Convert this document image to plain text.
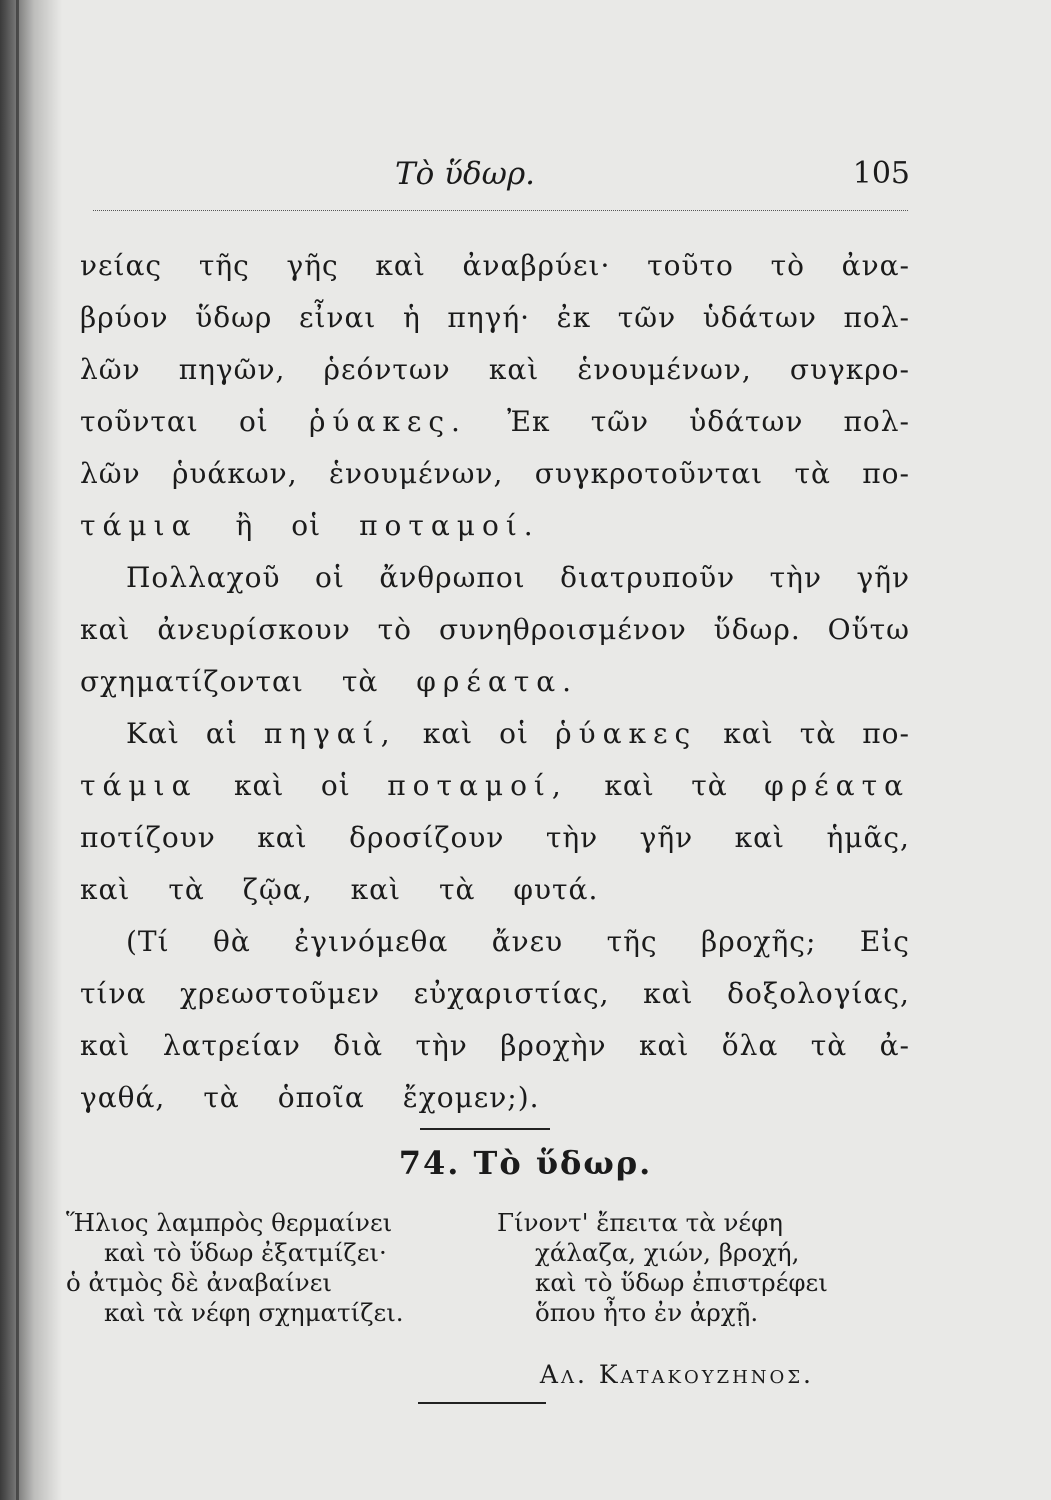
Τὸ ὕδωρ.	105
νείας τῆς γῆς καὶ ἀναβρύει· τοῦτο τὸ ἀνα-
βρύον ὕδωρ εἶναι ἡ πηγή· ἐκ τῶν ὑδάτων πολ-
λῶν πηγῶν, ῥεόντων καὶ ἑνουμένων, συγκρο-
τοῦνται οἱ ῥύακες. Ἐκ τῶν ὑδάτων πολ-
λῶν ῥυάκων, ἑνουμένων, συγκροτοῦνται τὰ πο-
τάμια ἢ οἱ ποταμοί.
Πολλαχοῦ οἱ ἄνθρωποι διατρυποῦν τὴν γῆν
καὶ ἀνευρίσκουν τὸ συνηθροισμένον ὕδωρ. Οὕτω
σχηματίζονται τὰ φρέατα.
Καὶ αἱ πηγαί, καὶ οἱ ῥύακες καὶ τὰ πο-
τάμια καὶ οἱ ποταμοί, καὶ τὰ φρέατα
ποτίζουν καὶ δροσίζουν τὴν γῆν καὶ ἡμᾶς,
καὶ τὰ ζῷα, καὶ τὰ φυτά.
(Τί θὰ ἐγινόμεθα ἄνευ τῆς βροχῆς; Εἰς
τίνα χρεωστοῦμεν εὐχαριστίας, καὶ δοξολογίας,
καὶ λατρείαν διὰ τὴν βροχὴν καὶ ὅλα τὰ ἀ-
γαθά, τὰ ὁποῖα ἔχομεν;).
74. Τὸ ὕδωρ.
Ἥλιος λαμπρὸς θερμαίνει
καὶ τὸ ὕδωρ ἐξατμίζει·
ὁ ἀτμὸς δὲ ἀναβαίνει
καὶ τὰ νέφη σχηματίζει.
Γίνοντ' ἔπειτα τὰ νέφη
χάλαζα, χιών, βροχή,
καὶ τὸ ὕδωρ ἐπιστρέφει
ὅπου ἦτο ἐν ἀρχῇ.
Αλ. Κατακουζηνος.
